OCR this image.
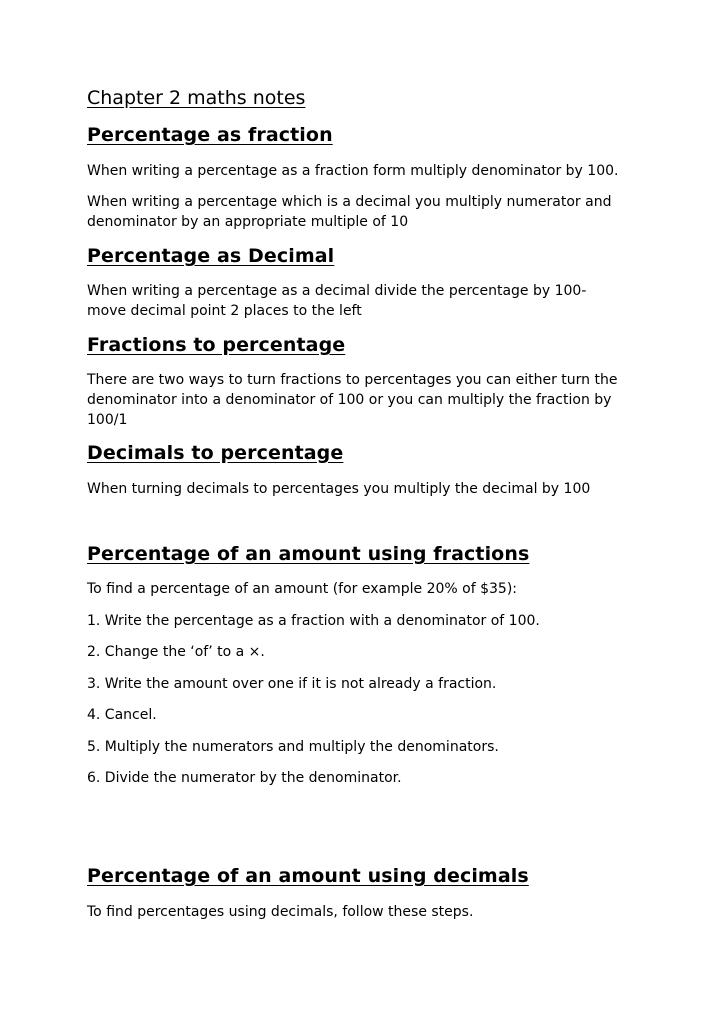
Chapter 2 maths notes
Percentage as fraction

When writing a percentage as a fraction form multiply denominator by 100.

When writing a percentage which is a decimal you multiply numerator and denominator by an appropriate multiple of 10

Percentage as Decimal

When writing a percentage as a decimal divide the percentage by 100- move decimal point 2 places to the left

Fractions to percentage

There are two ways to turn fractions to percentages you can either turn the denominator into a denominator of 100 or you can multiply the fraction by 100/1

Decimals to percentage

When turning decimals to percentages you multiply the decimal by 100

Percentage of an amount using fractions

To find a percentage of an amount (for example 20% of $35):

1. Write the percentage as a fraction with a denominator of 100.

2. Change the ‘of’ to a ×.

3. Write the amount over one if it is not already a fraction.

4. Cancel.

5. Multiply the numerators and multiply the denominators.

6. Divide the numerator by the denominator.

Percentage of an amount using decimals

To find percentages using decimals, follow these steps.
